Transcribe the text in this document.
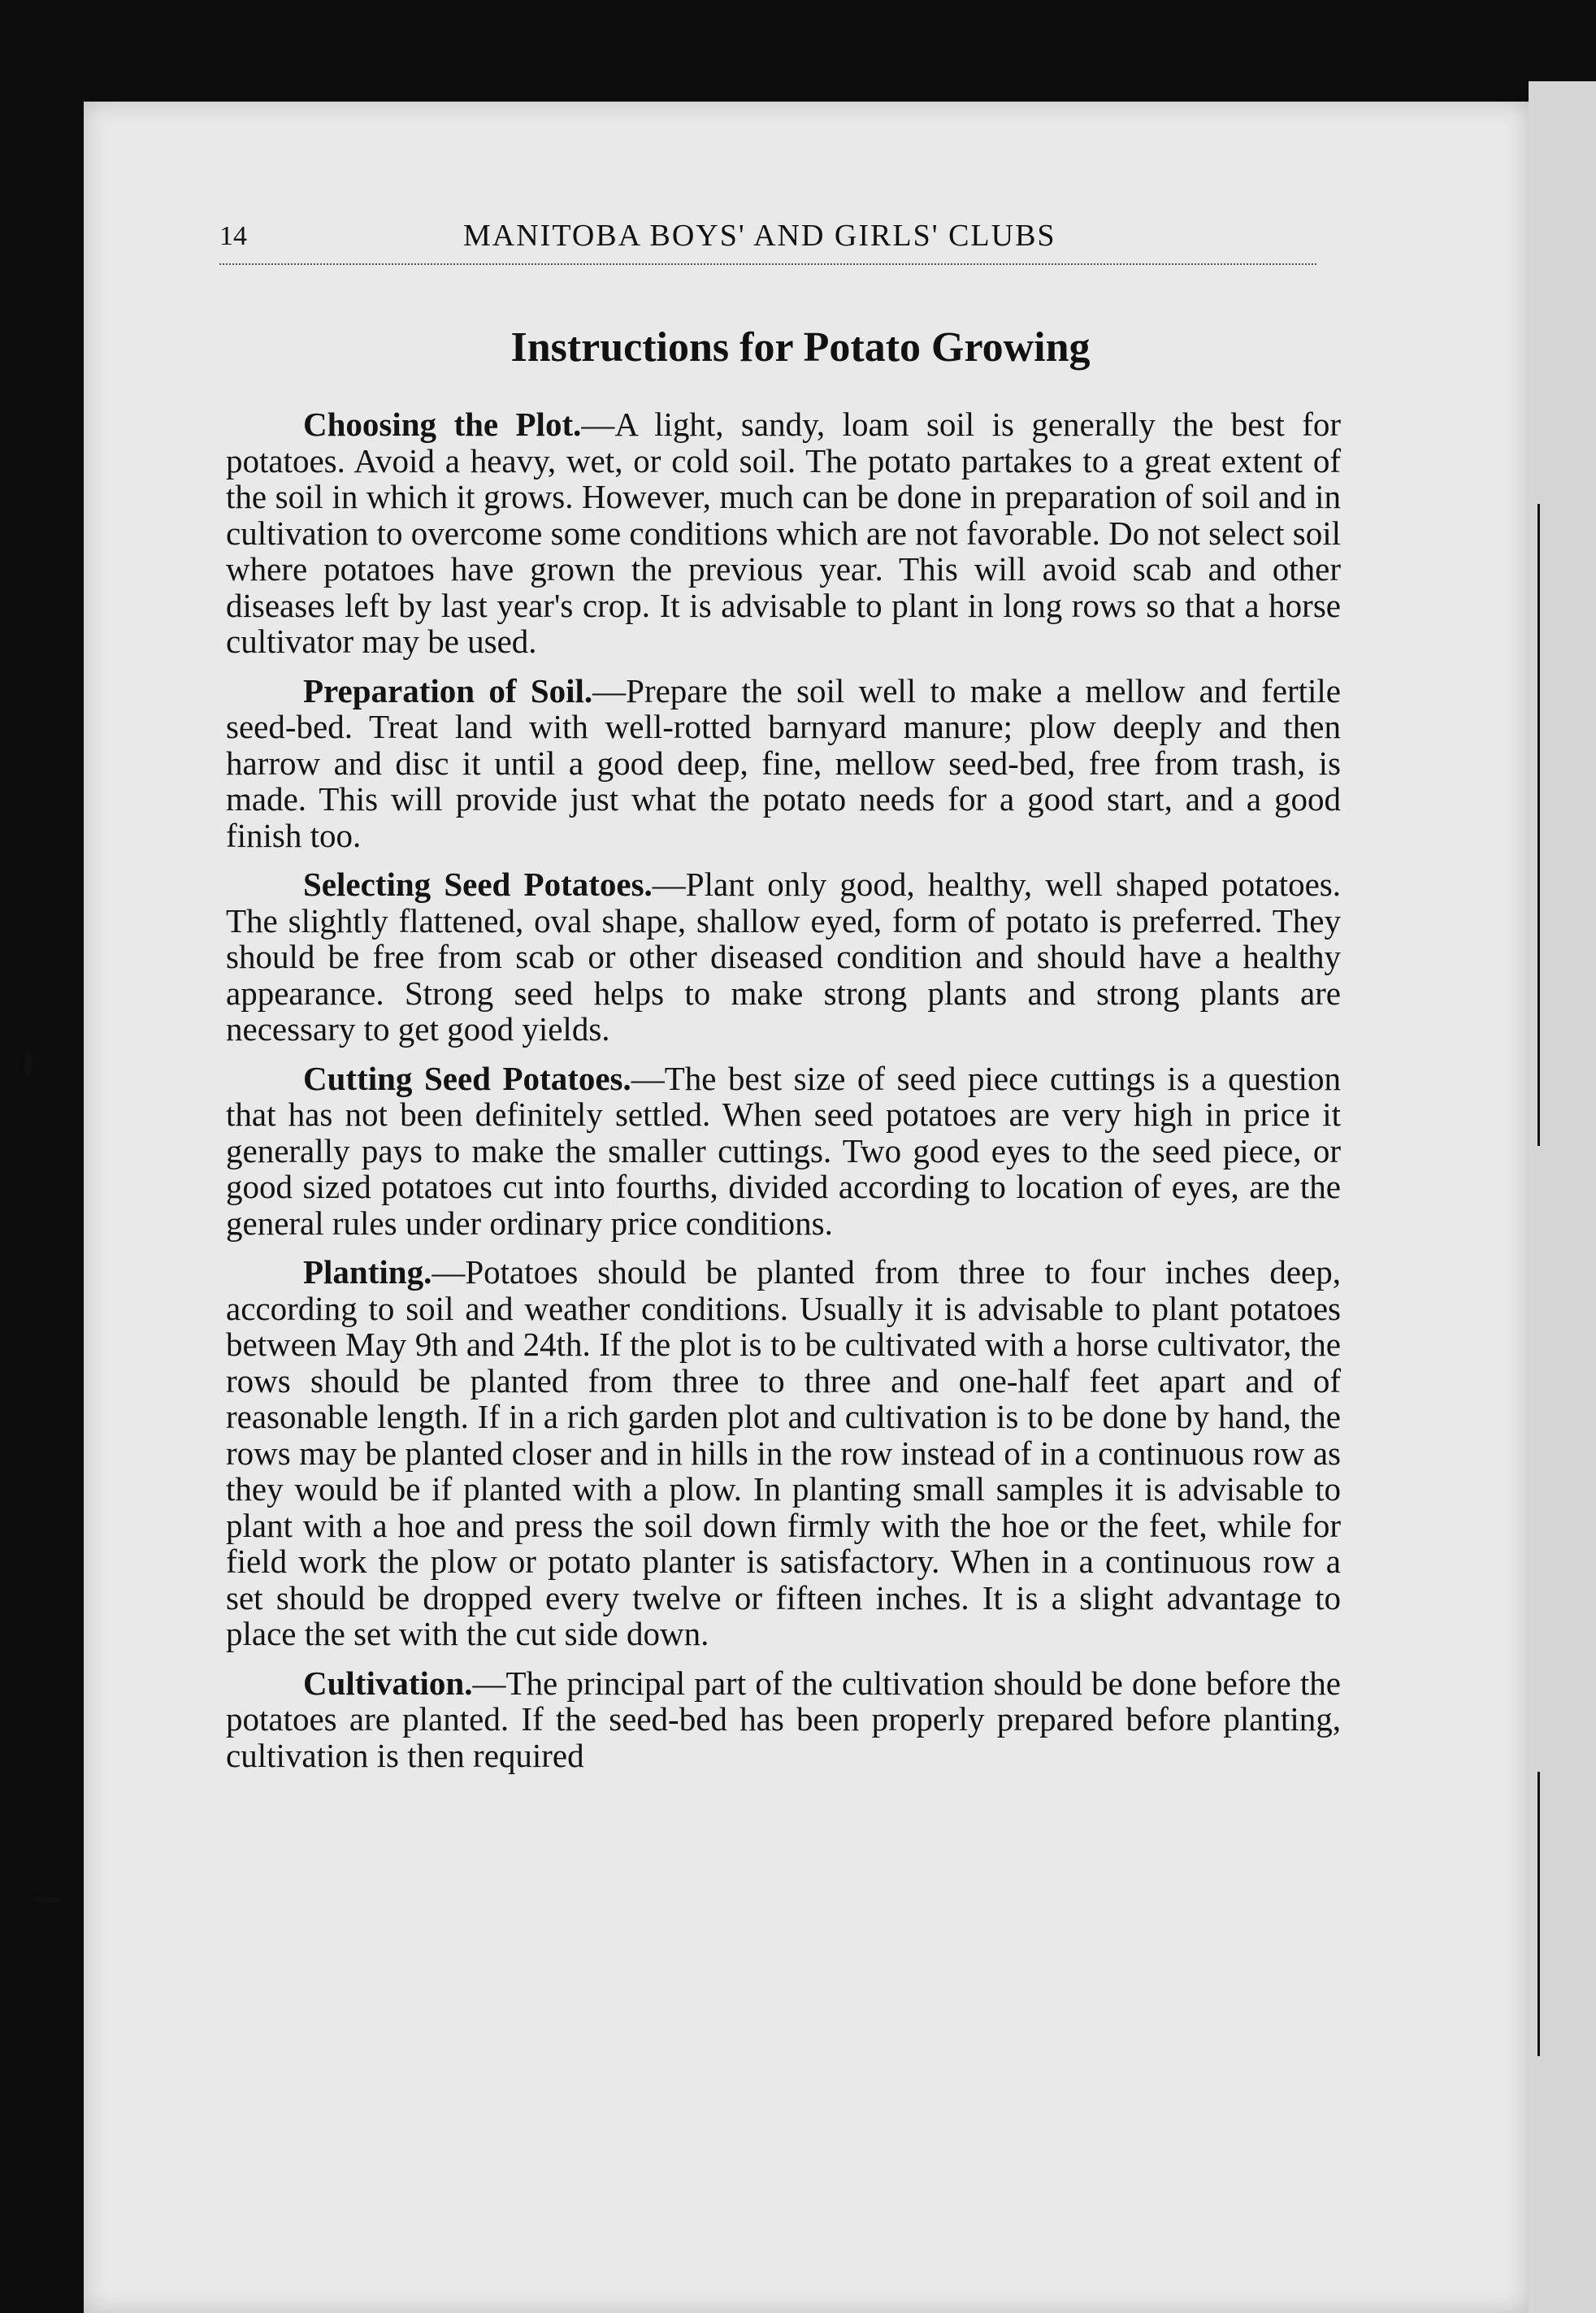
14	MANITOBA BOYS' AND GIRLS' CLUBS
Instructions for Potato Growing

Choosing the Plot.—A light, sandy, loam soil is generally the best for potatoes. Avoid a heavy, wet, or cold soil. The potato partakes to a great extent of the soil in which it grows. However, much can be done in preparation of soil and in cultivation to overcome some conditions which are not favorable. Do not select soil where potatoes have grown the previous year. This will avoid scab and other diseases left by last year's crop. It is advisable to plant in long rows so that a horse cultivator may be used.

Preparation of Soil.—Prepare the soil well to make a mellow and fertile seed-bed. Treat land with well-rotted barnyard manure; plow deeply and then harrow and disc it until a good deep, fine, mellow seed-bed, free from trash, is made. This will provide just what the potato needs for a good start, and a good finish too.

Selecting Seed Potatoes.—Plant only good, healthy, well shaped potatoes. The slightly flattened, oval shape, shallow eyed, form of potato is preferred. They should be free from scab or other diseased condition and should have a healthy appearance. Strong seed helps to make strong plants and strong plants are necessary to get good yields.

Cutting Seed Potatoes.—The best size of seed piece cuttings is a question that has not been definitely settled. When seed potatoes are very high in price it generally pays to make the smaller cuttings. Two good eyes to the seed piece, or good sized potatoes cut into fourths, divided according to location of eyes, are the general rules under ordinary price conditions.

Planting.—Potatoes should be planted from three to four inches deep, according to soil and weather conditions. Usually it is advisable to plant potatoes between May 9th and 24th. If the plot is to be cultivated with a horse cultivator, the rows should be planted from three to three and one-half feet apart and of reasonable length. If in a rich garden plot and cultivation is to be done by hand, the rows may be planted closer and in hills in the row instead of in a continuous row as they would be if planted with a plow. In planting small samples it is advisable to plant with a hoe and press the soil down firmly with the hoe or the feet, while for field work the plow or potato planter is satisfactory. When in a continuous row a set should be dropped every twelve or fifteen inches. It is a slight advantage to place the set with the cut side down.

Cultivation.—The principal part of the cultivation should be done before the potatoes are planted. If the seed-bed has been properly prepared before planting, cultivation is then required
